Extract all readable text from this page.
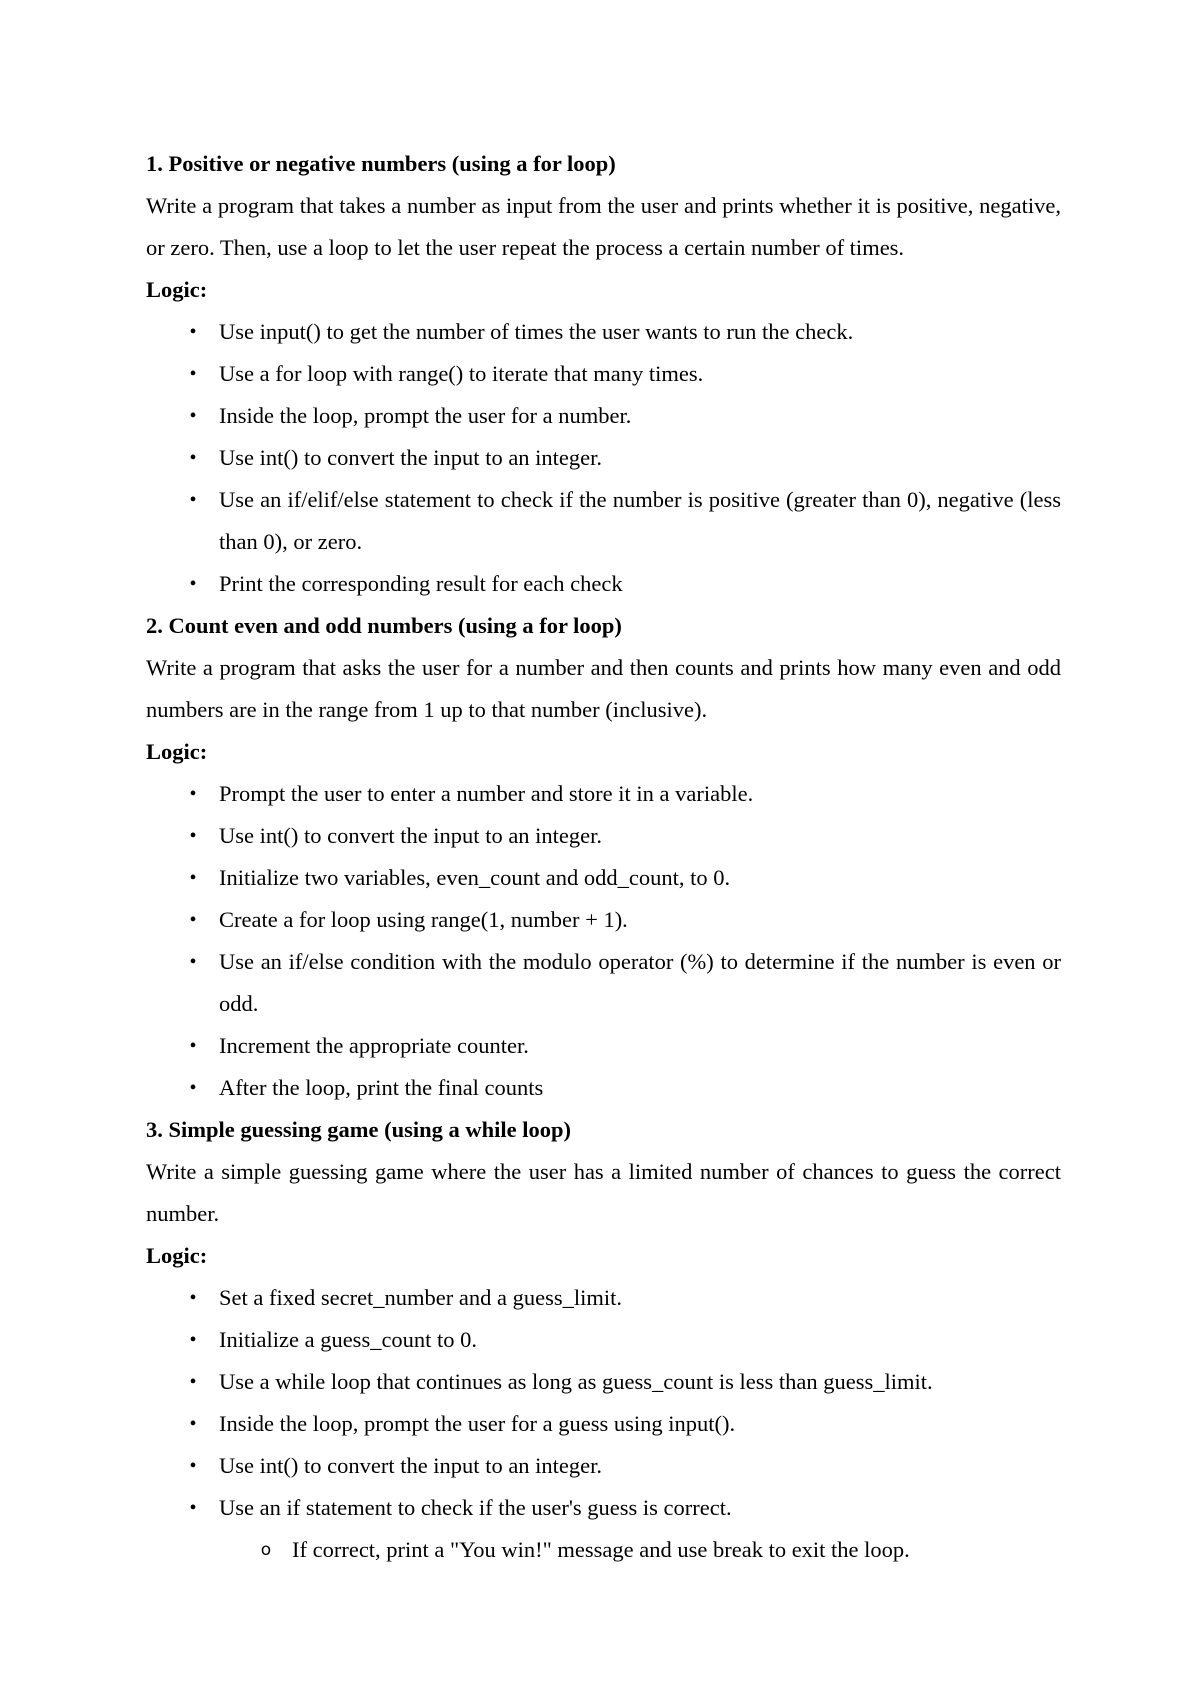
1. Positive or negative numbers (using a for loop)

Write a program that takes a number as input from the user and prints whether it is positive, negative, or zero. Then, use a loop to let the user repeat the process a certain number of times.

Logic:

• Use input() to get the number of times the user wants to run the check.
• Use a for loop with range() to iterate that many times.
• Inside the loop, prompt the user for a number.
• Use int() to convert the input to an integer.
• Use an if/elif/else statement to check if the number is positive (greater than 0), negative (less than 0), or zero.
• Print the corresponding result for each check

2. Count even and odd numbers (using a for loop)

Write a program that asks the user for a number and then counts and prints how many even and odd numbers are in the range from 1 up to that number (inclusive).

Logic:

• Prompt the user to enter a number and store it in a variable.
• Use int() to convert the input to an integer.
• Initialize two variables, even_count and odd_count, to 0.
• Create a for loop using range(1, number + 1).
• Use an if/else condition with the modulo operator (%) to determine if the number is even or odd.
• Increment the appropriate counter.
• After the loop, print the final counts

3. Simple guessing game (using a while loop)

Write a simple guessing game where the user has a limited number of chances to guess the correct number.

Logic:

• Set a fixed secret_number and a guess_limit.
• Initialize a guess_count to 0.
• Use a while loop that continues as long as guess_count is less than guess_limit.
• Inside the loop, prompt the user for a guess using input().
• Use int() to convert the input to an integer.
• Use an if statement to check if the user's guess is correct.
o If correct, print a "You win!" message and use break to exit the loop.
